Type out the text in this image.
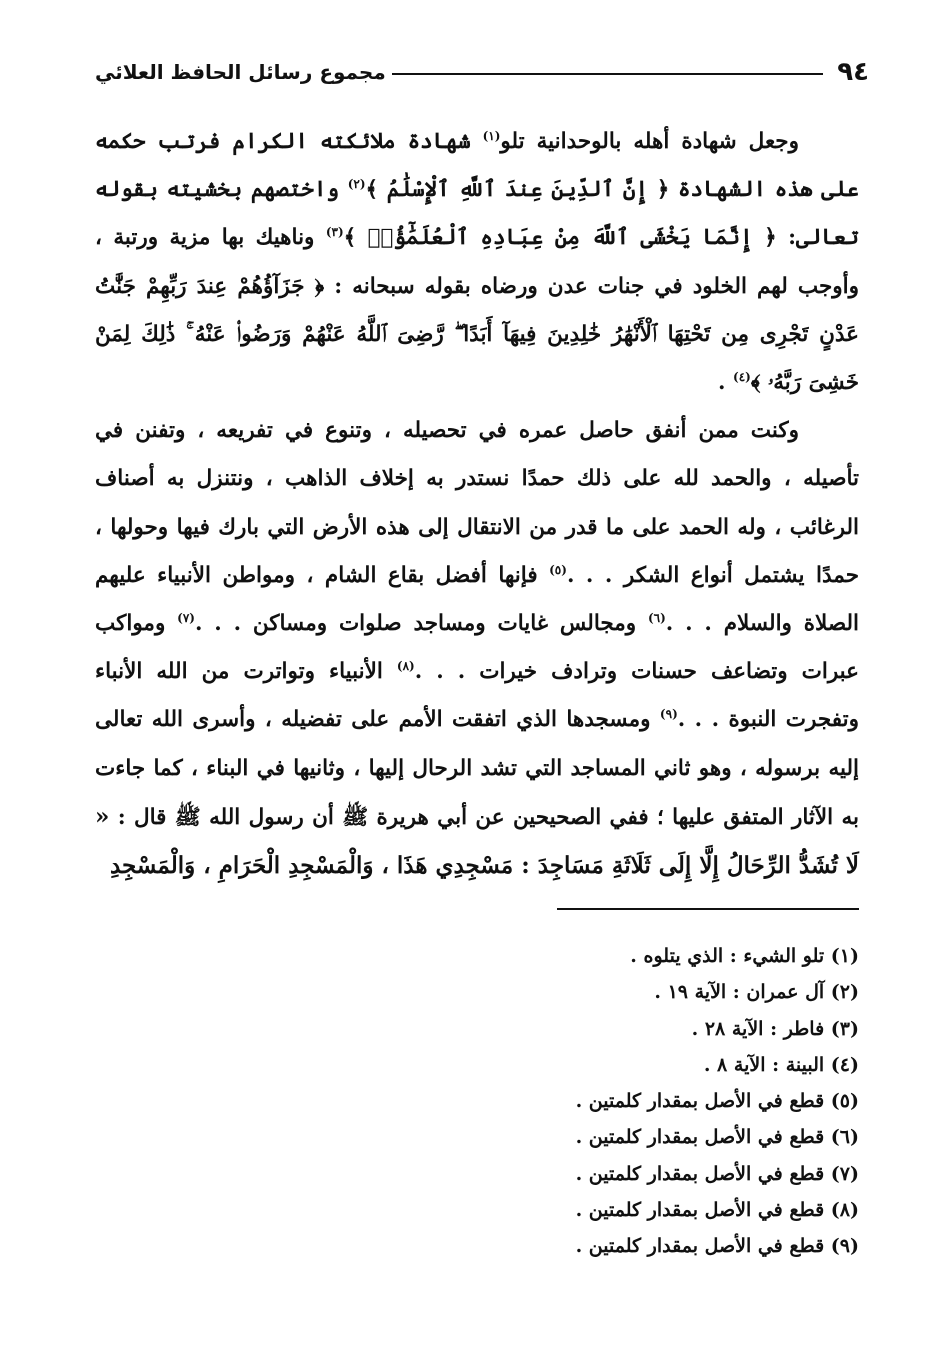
٩٤
مجموع رسائل الحافظ العلائي

وجعل شهادة أهله بالوحدانية تلو$^{(١)}$ شهادة ملائكته الكرام فرتب حكمه على هذه الشهادة ﴿ إِنَّ ٱلدِّينَ عِندَ ٱللَّهِ ٱلْإِسْلَٰمُ ﴾$^{(٢)}$ واختصهم بخشيته بقوله تعالى: ﴿ إِنَّمَا يَخْشَى ٱللَّهَ مِنْ عِبَادِهِ ٱلْعُلَمَٰٓؤُا۟ ﴾$^{(٣)}$ وناهيك بها مزية ورتبة ، وأوجب لهم الخلود في جنات عدن ورضاه بقوله سبحانه : ﴿ جَزَآؤُهُمْ عِندَ رَبِّهِمْ جَنَّٰتُ عَدْنٍ تَجْرِى مِن تَحْتِهَا ٱلْأَنْهَٰرُ خَٰلِدِينَ فِيهَآ أَبَدًا ۖ رَّضِىَ ٱللَّهُ عَنْهُمْ وَرَضُوا۟ عَنْهُ ۚ ذَٰلِكَ لِمَنْ خَشِىَ رَبَّهُۥ ﴾$^{(٤)}$ .

وكنت ممن أنفق حاصل عمره في تحصيله ، وتنوع في تفريعه ، وتفنن في تأصيله ، والحمد لله على ذلك حمدًا نستدر به إخلاف الذاهب ، ونتنزل به أصناف الرغائب ، وله الحمد على ما قدر من الانتقال إلى هذه الأرض التي بارك فيها وحولها ، حمدًا يشتمل أنواع الشكر . . .$^{(٥)}$ فإنها أفضل بقاع الشام ، ومواطن الأنبياء عليهم الصلاة والسلام . . .$^{(٦)}$ ومجالس غايات ومساجد صلوات ومساكن . . .$^{(٧)}$ ومواكب عبرات وتضاعف حسنات وترادف خيرات . . .$^{(٨)}$ الأنبياء وتواترت من الله الأنباء وتفجرت النبوة . . .$^{(٩)}$ ومسجدها الذي اتفقت الأمم على تفضيله ، وأسرى الله تعالى إليه برسوله ، وهو ثاني المساجد التي تشد الرحال إليها ، وثانيها في البناء ، كما جاءت به الآثار المتفق عليها ؛ ففي الصحيحين عن أبي هريرة ﷺ أن رسول الله ﷺ قال : « لَا تُشَدُّ الرِّحَالُ إِلَّا إِلَى ثَلَاثَةِ مَسَاجِدَ : مَسْجِدِي هَذَا ، وَالْمَسْجِدِ الْحَرَامِ ، وَالْمَسْجِدِ

(١) تلو الشيء : الذي يتلوه .
(٢) آل عمران : الآية ١٩ .
(٣) فاطر : الآية ٢٨ .
(٤) البينة : الآية ٨ .
(٥) قطع في الأصل بمقدار كلمتين .
(٦) قطع في الأصل بمقدار كلمتين .
(٧) قطع في الأصل بمقدار كلمتين .
(٨) قطع في الأصل بمقدار كلمتين .
(٩) قطع في الأصل بمقدار كلمتين .
